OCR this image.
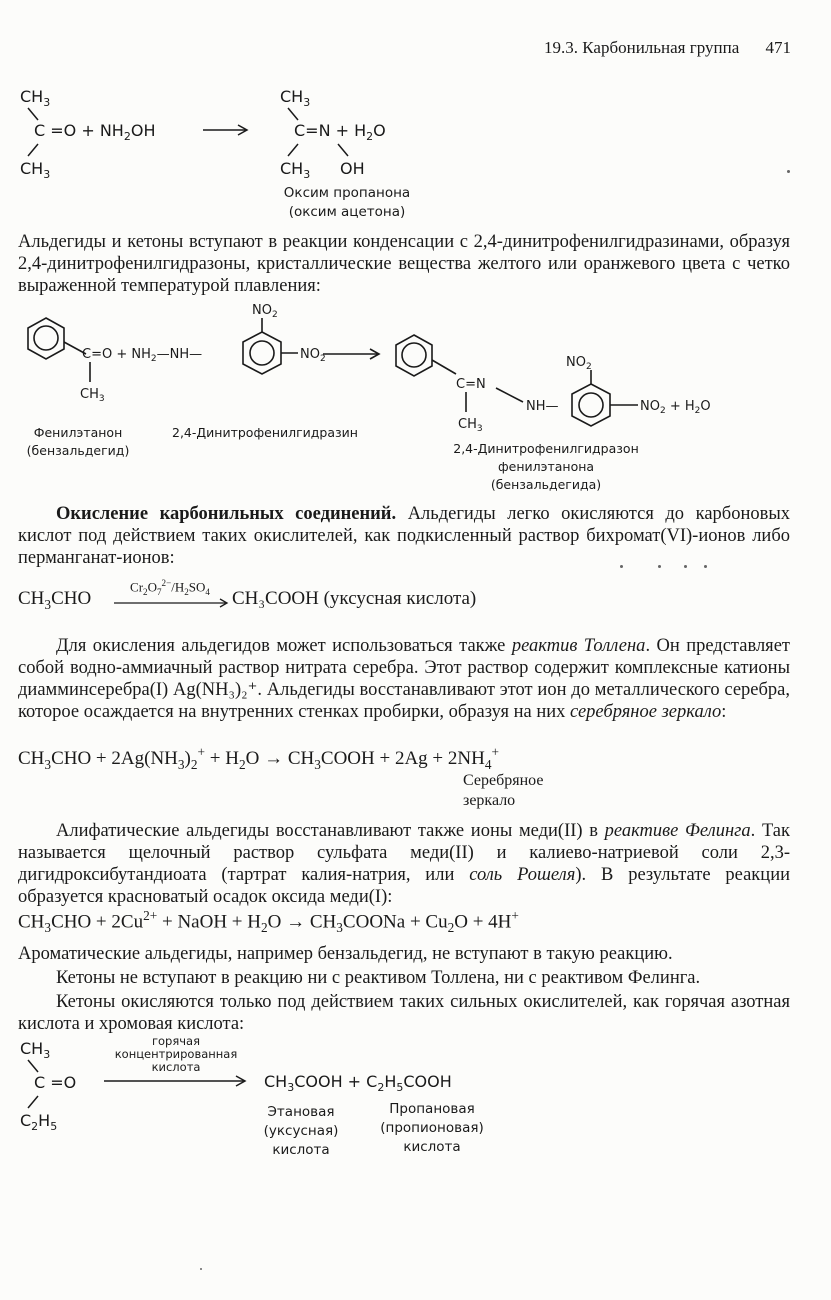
19.3. Карбонильная группа 471
$CH_3$
$C =O + NH_2OH$
$CH_3$
$CH_3$
$C=N + H_2O$
$CH_3$ OH
Оксим пропанона
(оксим ацетона)
Альдегиды и кетоны вступают в реакции конденсации с 2,4-динитрофенилгидразинами, образуя 2,4-динитрофенилгидразоны, кристаллические вещества желтого или оранжевого цвета с четко выраженной температурой плавления:
$C=O + NH_2—NH—$
$CH_3$
$NO_2$
$NO_2$
C=N
NH—
$CH_3$
$NO_2$
$NO_2 + H_2O$
Фенилэтанон
(бензальдегид)
2,4-Динитрофенилгидразин
2,4-Динитрофенилгидразон
фенилэтанона
(бензальдегида)
Окисление карбонильных соединений. Альдегиды легко окисляются до карбоновых кислот под действием таких окислителей, как подкисленный раствор бихромат(VI)-ионов либо перманганат-ионов:
$CH_3CHO$
$Cr_2O_7^{2-}/H_2SO_4$	CH₃COOH (уксусная кислота)
Для окисления альдегидов может использоваться также реактив Толлена. Он представляет собой водно-аммиачный раствор нитрата серебра. Этот раствор содержит комплексные катионы диамминсеребра(I) Ag(NH₃)₂⁺. Альдегиды восстанавливают этот ион до металлического серебра, которое осаждается на внутренних стенках пробирки, образуя на них серебряное зеркало:
$CH_3CHO + 2Ag(NH_3)_2^+ + H_2O$ → $CH_3COOH + 2Ag + 2NH_4^+$
Серебряное
зеркало
Алифатические альдегиды восстанавливают также ионы меди(II) в реактиве Фелинга. Так называется щелочный раствор сульфата меди(II) и калиево-натриевой соли 2,3-дигидроксибутандиоата (тартрат калия-натрия, или соль Рошеля). В результате реакции образуется красноватый осадок оксида меди(I):
$CH_3CHO + 2Cu^{2+}$ + NaOH + $H_2O$ → $CH_3COONa + Cu_2O + 4H^+$
Ароматические альдегиды, например бензальдегид, не вступают в такую реакцию.
Кетоны не вступают в реакцию ни с реактивом Толлена, ни с реактивом Фелинга.
Кетоны окисляются только под действием таких сильных окислителей, как горячая азотная кислота и хромовая кислота:
$CH_3$
C =O
$C_2H_5$
$CH_3COOH$ + $C_2H_5COOH$
горячая
концентрированная
кислота
Этановая
(уксусная)
кислота
Пропановая
(пропионовая)
кислота
